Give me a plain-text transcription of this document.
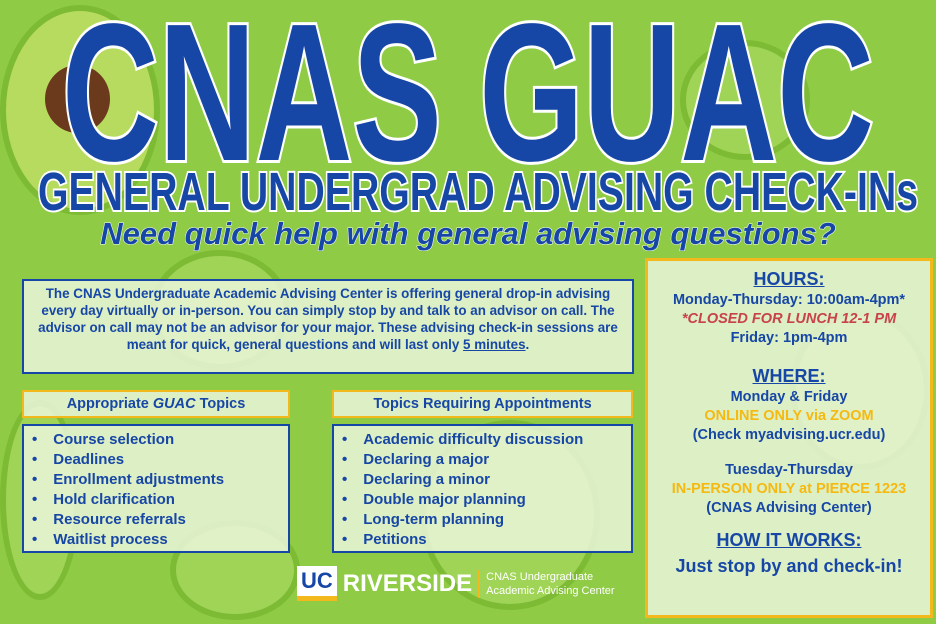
CNAS GUAC
GENERAL UNDERGRAD ADVISING CHECK-INs
Need quick help with general advising questions?
The CNAS Undergraduate Academic Advising Center is offering general drop-in advising every day virtually or in-person. You can simply stop by and talk to an advisor on call. The advisor on call may not be an advisor for your major. These advising check-in sessions are meant for quick, general questions and will last only 5 minutes.
Appropriate GUAC Topics	Topics Requiring Appointments
• Course selection
• Deadlines
• Enrollment adjustments
• Hold clarification
• Resource referrals
• Waitlist process
• Academic difficulty discussion
• Declaring a major
• Declaring a minor
• Double major planning
• Long-term planning
• Petitions
HOURS:
Monday-Thursday: 10:00am-4pm*
*CLOSED FOR LUNCH 12-1 PM
Friday: 1pm-4pm
WHERE:
Monday & Friday
ONLINE ONLY via ZOOM
(Check myadvising.ucr.edu)
Tuesday-Thursday
IN-PERSON ONLY at PIERCE 1223
(CNAS Advising Center)
HOW IT WORKS:
Just stop by and check-in!
UC RIVERSIDE CNAS Undergraduate
Academic Advising Center
